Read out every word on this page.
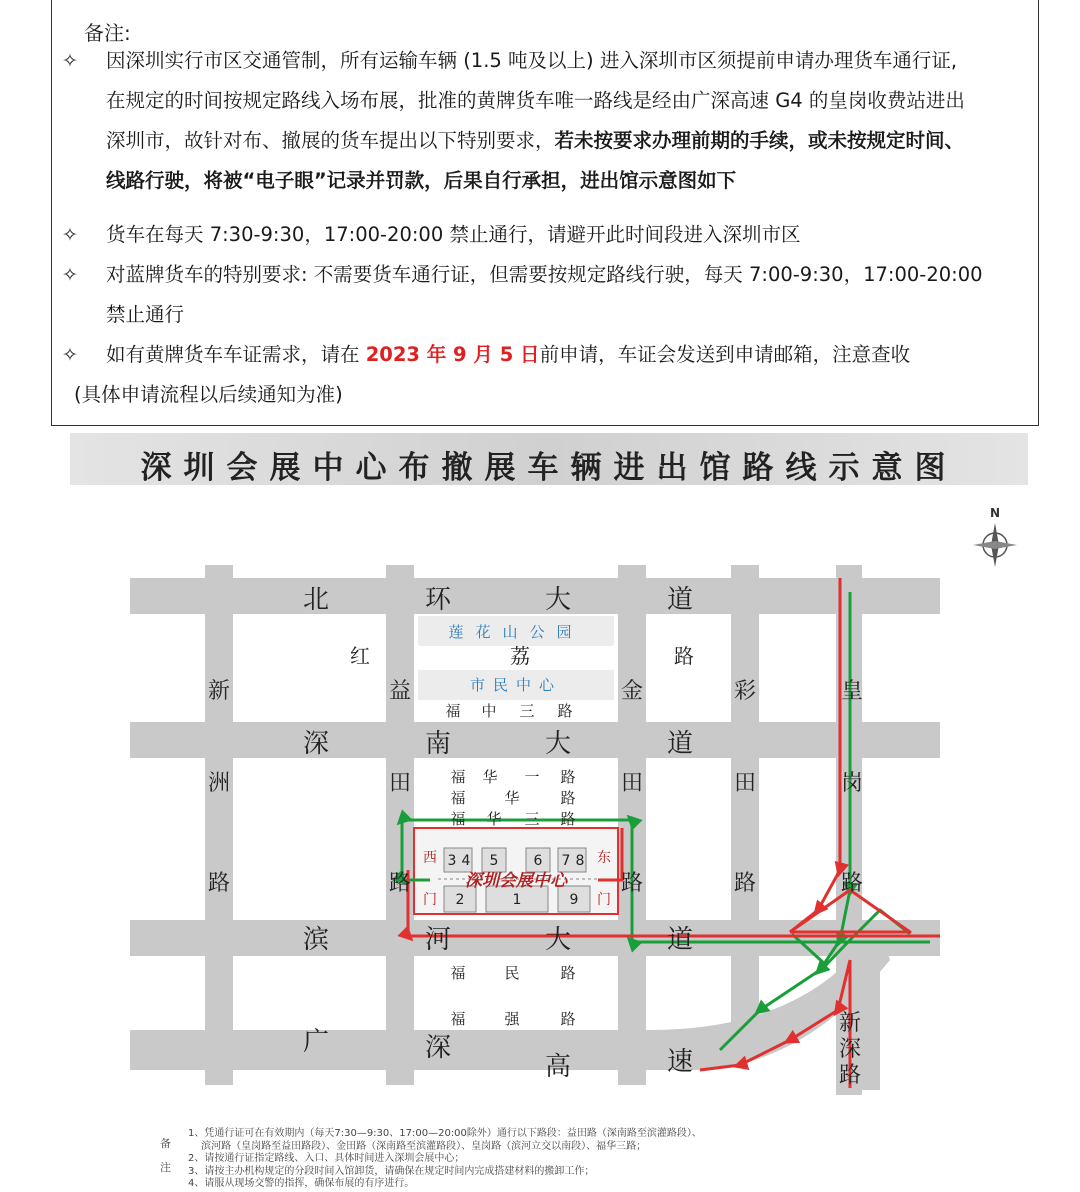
备注:
✧	因深圳实行市区交通管制，所有运输车辆 (1.5 吨及以上) 进入深圳市区须提前申请办理货车通行证,
在规定的时间按规定路线入场布展，批准的黄牌货车唯一路线是经由广深高速 G4 的皇岗收费站进出
深圳市，故针对布、撤展的货车提出以下特别要求，若未按要求办理前期的手续，或未按规定时间、
线路行驶，将被“电子眼”记录并罚款，后果自行承担，进出馆示意图如下
✧	货车在每天 7:30-9:30，17:00-20:00 禁止通行，请避开此时间段进入深圳市区
✧	对蓝牌货车的特别要求: 不需要货车通行证，但需要按规定路线行驶，每天 7:00-9:30，17:00-20:00
禁止通行
✧	如有黄牌货车车证需求，请在 2023 年 9 月 5 日前申请，车证会发送到申请邮箱，注意查收
(具体申请流程以后续通知为准)
深圳会展中心布撤展车辆进出馆路线示意图
N
北	环	大	道
红	荔	路
福 中 三 路
深	南	大	道
福 华 一 路
福	华	路
福 华 三 路
滨	河	大	道
福	民	路
福	强	路
广	深
高	速
新
洲
路
益
田
路
金
田
路
彩
田
路
皇
岗
路
新
深
路
莲花山公园
市民中心
3 4 5	6 7 8
2	1	9
深圳会展中心
西
门
东
门
备
注
1、凭通行证可在有效期内（每天7:30—9:30、17:00—20:00除外）通行以下路段：益田路（深南路至滨灌路段）、
　 滨河路（皇岗路至益田路段）、金田路（深南路至滨灌路段）、皇岗路（滨河立交以南段）、福华三路；
2、请按通行证指定路线、入口、具体时间进入深圳会展中心；
3、请按主办机构规定的分段时间入馆卸货，请确保在规定时间内完成搭建材料的搬卸工作；
4、请服从现场交警的指挥，确保布展的有序进行。
